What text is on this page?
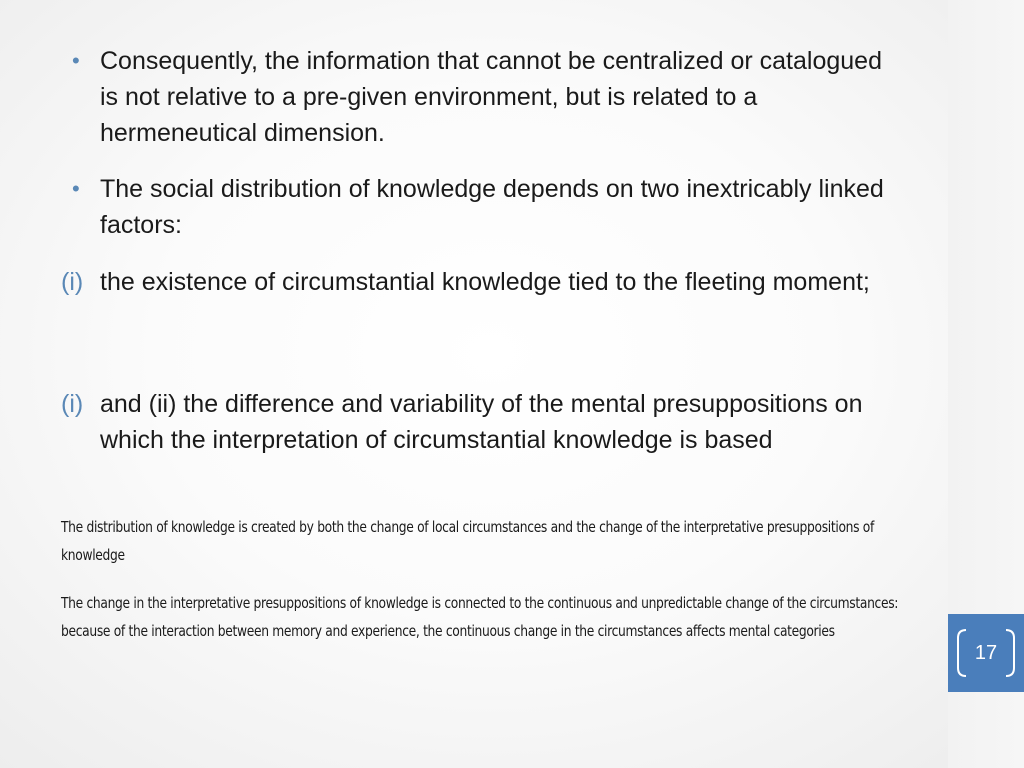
• Consequently, the information that cannot be centralized or catalogued is not relative to a pre-given environment, but is related to a hermeneutical dimension.
• The social distribution of knowledge depends on two inextricably linked factors:
(i) the existence of circumstantial knowledge tied to the fleeting moment;
(i) and (ii) the difference and variability of the mental presuppositions on which the interpretation of circumstantial knowledge is based
The distribution of knowledge is created by both the change of local circumstances and the change of the interpretative presuppositions of knowledge
The change in the interpretative presuppositions of knowledge is connected to the continuous and unpredictable change of the circumstances: because of the interaction between memory and experience, the continuous change in the circumstances affects mental categories
17
